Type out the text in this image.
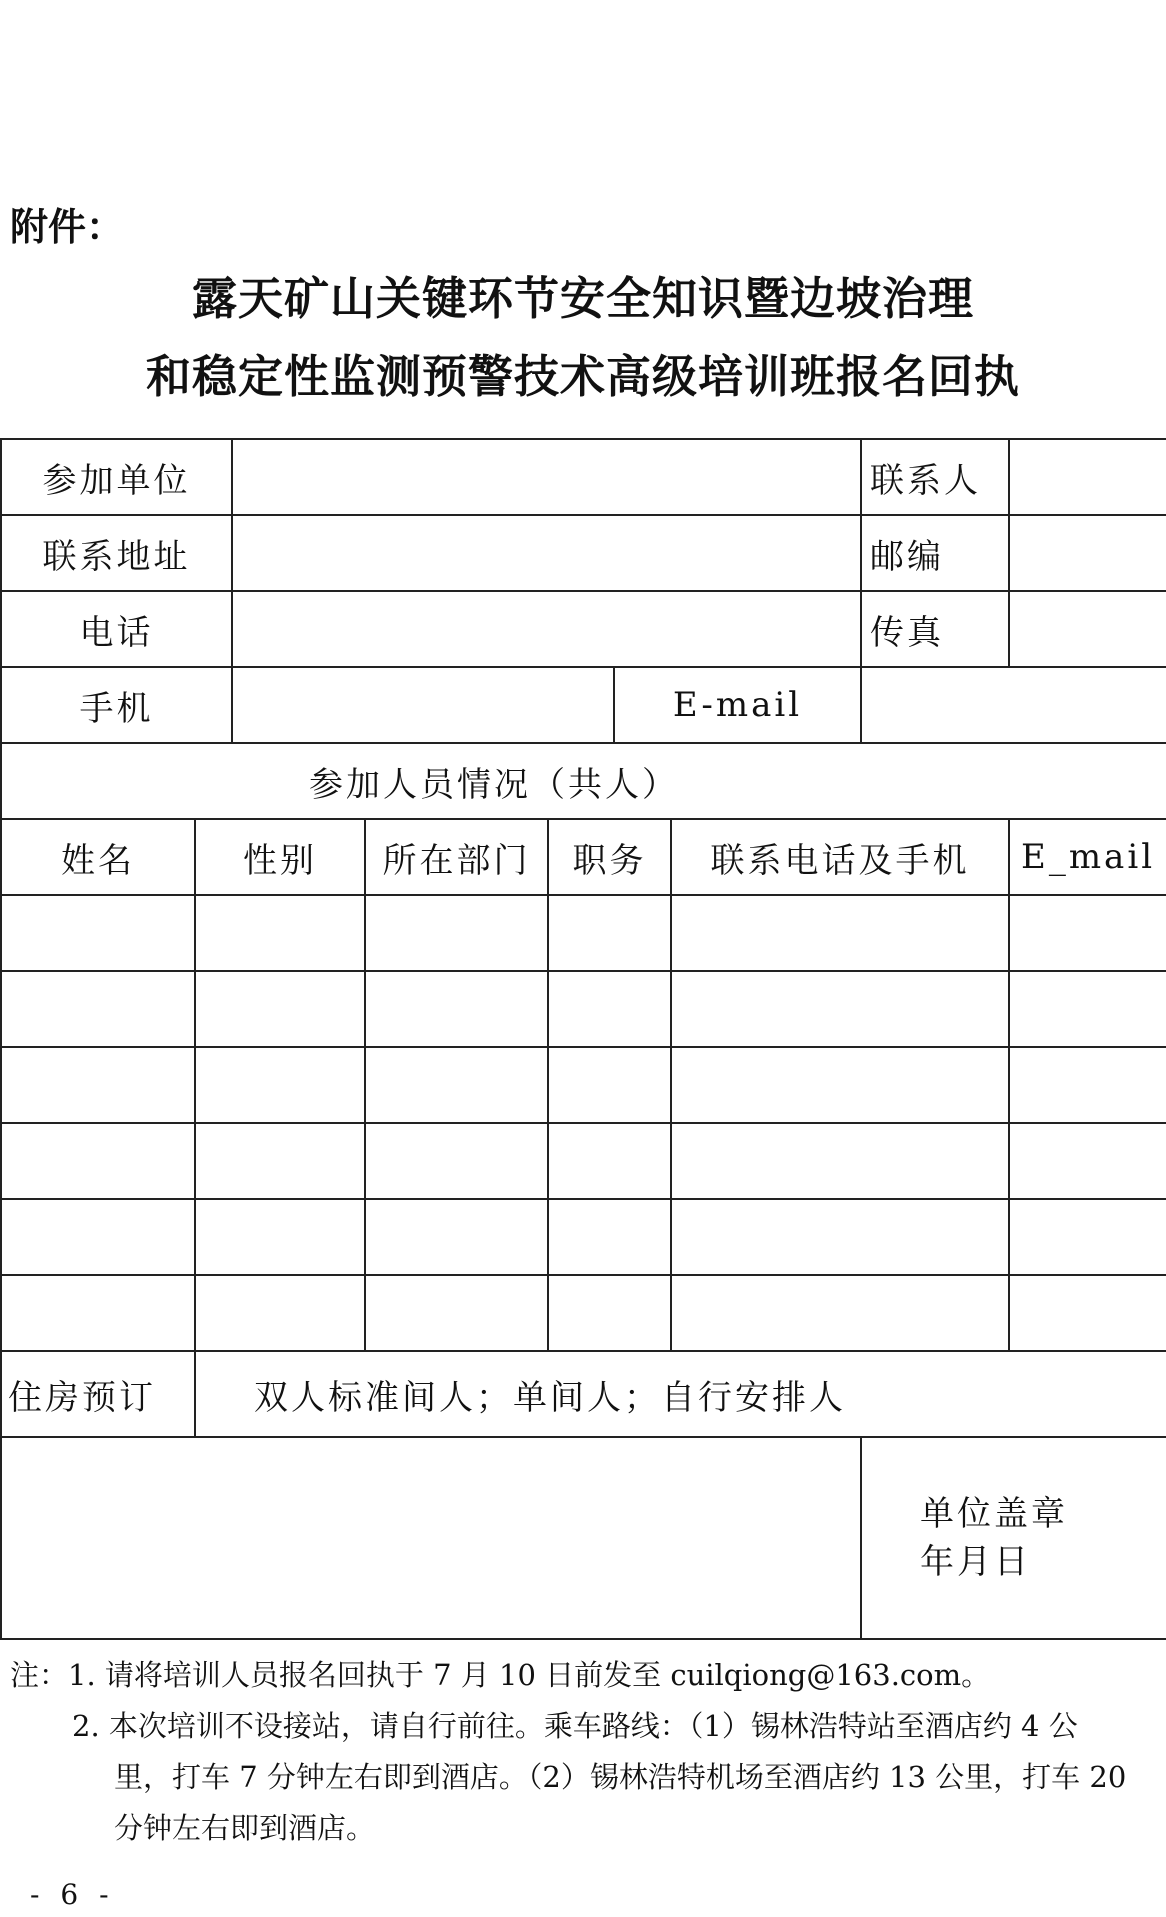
附件：
露天矿山关键环节安全知识暨边坡治理
和稳定性监测预警技术高级培训班报名回执
参加单位							联系人	
联系地址							邮编	
电话							传真	
手机					E-mail			
参加人员情况（共人）								
姓名	性别		所在部门	职务		联系电话及手机		E_mail

住房预订	双人标准间人；单间人；自行安排人							

							单位盖章
年月日	
注：1. 请将培训人员报名回执于 7 月 10 日前发至 cuilqiong@163.com。
2. 本次培训不设接站，请自行前往。乘车路线：（1）锡林浩特站至酒店约 4 公
里，打车 7 分钟左右即到酒店。（2）锡林浩特机场至酒店约 13 公里，打车 20
分钟左右即到酒店。
- 6 -
